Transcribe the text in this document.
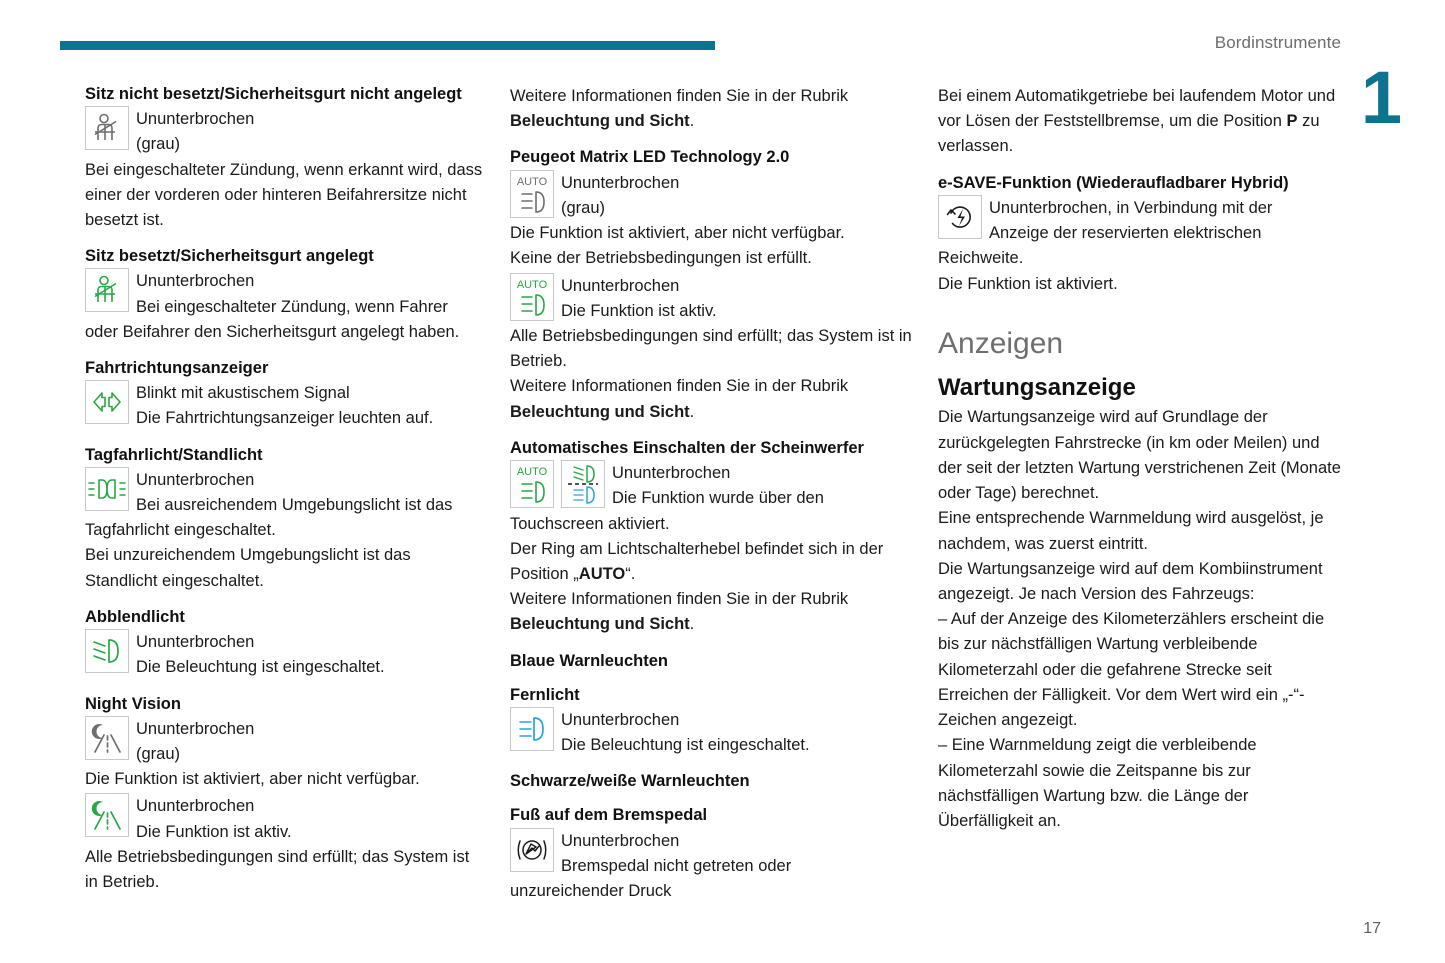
Bordinstrumente
1
17
Sitz nicht besetzt/Sicherheitsgurt nicht angelegt
Ununterbrochen
(grau)

Bei eingeschalteter Zündung, wenn erkannt wird, dass einer der vorderen oder hinteren Beifahrersitze nicht besetzt ist.

Sitz besetzt/Sicherheitsgurt angelegt
Ununterbrochen
Bei eingeschalteter Zündung, wenn Fahrer

oder Beifahrer den Sicherheitsgurt angelegt haben.

Fahrtrichtungsanzeiger
Blinkt mit akustischem Signal
Die Fahrtrichtungsanzeiger leuchten auf.
Tagfahrlicht/Standlicht
Ununterbrochen
Bei ausreichendem Umgebungslicht ist das

Tagfahrlicht eingeschaltet.

Bei unzureichendem Umgebungslicht ist das Standlicht eingeschaltet.

Abblendlicht
Ununterbrochen
Die Beleuchtung ist eingeschaltet.
Night Vision
Ununterbrochen
(grau)

Die Funktion ist aktiviert, aber nicht verfügbar.

Ununterbrochen
Die Funktion ist aktiv.

Alle Betriebsbedingungen sind erfüllt; das System ist in Betrieb.

Weitere Informationen finden Sie in der Rubrik Beleuchtung und Sicht.

Peugeot Matrix LED Technology 2.0
AUTO Ununterbrochen
(grau)

Die Funktion ist aktiviert, aber nicht verfügbar.

Keine der Betriebsbedingungen ist erfüllt.

AUTO Ununterbrochen
Die Funktion ist aktiv.

Alle Betriebsbedingungen sind erfüllt; das System ist in Betrieb.

Weitere Informationen finden Sie in der Rubrik Beleuchtung und Sicht.

Automatisches Einschalten der Scheinwerfer
AUTO	Ununterbrochen
Die Funktion wurde über den

Touchscreen aktiviert.

Der Ring am Lichtschalterhebel befindet sich in der Position „AUTO“.

Weitere Informationen finden Sie in der Rubrik Beleuchtung und Sicht.

Blaue Warnleuchten
Fernlicht
Ununterbrochen
Die Beleuchtung ist eingeschaltet.
Schwarze/weiße Warnleuchten
Fuß auf dem Bremspedal
Ununterbrochen
Bremspedal nicht getreten oder

unzureichender Druck

Bei einem Automatikgetriebe bei laufendem Motor und vor Lösen der Feststellbremse, um die Position P zu verlassen.

e-SAVE-Funktion (Wiederaufladbarer Hybrid)
Ununterbrochen, in Verbindung mit der
Anzeige der reservierten elektrischen

Reichweite.

Die Funktion ist aktiviert.

Anzeigen
Wartungsanzeige

Die Wartungsanzeige wird auf Grundlage der zurückgelegten Fahrstrecke (in km oder Meilen) und der seit der letzten Wartung verstrichenen Zeit (Monate oder Tage) berechnet.

Eine entsprechende Warnmeldung wird ausgelöst, je nachdem, was zuerst eintritt.

Die Wartungsanzeige wird auf dem Kombiinstrument angezeigt. Je nach Version des Fahrzeugs:

– Auf der Anzeige des Kilometerzählers erscheint die bis zur nächstfälligen Wartung verbleibende Kilometerzahl oder die gefahrene Strecke seit Erreichen der Fälligkeit. Vor dem Wert wird ein „-“-Zeichen angezeigt.

– Eine Warnmeldung zeigt die verbleibende Kilometerzahl sowie die Zeitspanne bis zur nächstfälligen Wartung bzw. die Länge der Überfälligkeit an.
